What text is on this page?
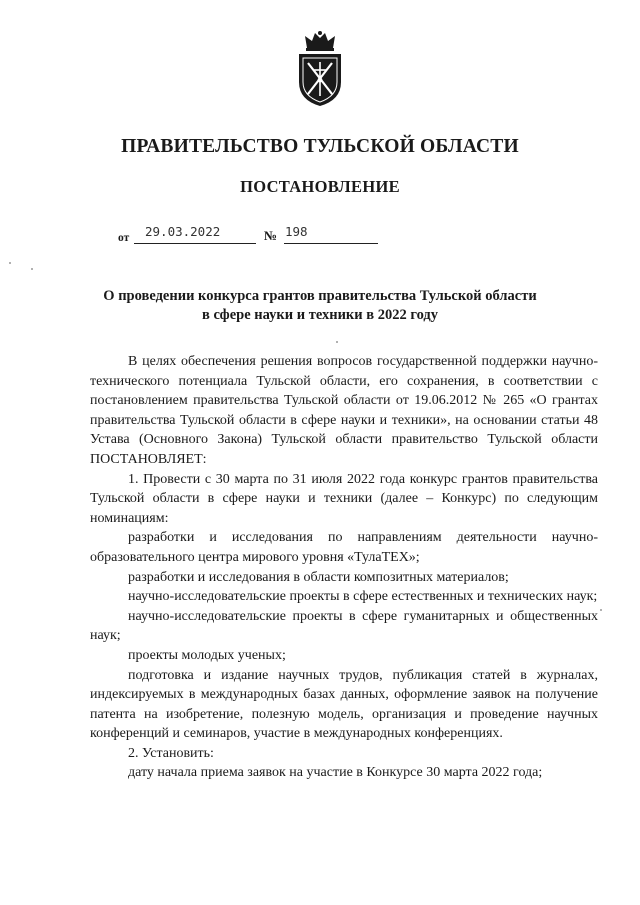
ПРАВИТЕЛЬСТВО ТУЛЬСКОЙ ОБЛАСТИ
ПОСТАНОВЛЕНИЕ
от 29.03.2022	№ 198
О проведении конкурса грантов правительства Тульской области
в сфере науки и техники в 2022 году

В целях обеспечения решения вопросов государственной поддержки научно-технического потенциала Тульской области, его сохранения, в соответствии с постановлением правительства Тульской области от 19.06.2012 № 265 «О грантах правительства Тульской области в сфере науки и техники», на основании статьи 48 Устава (Основного Закона) Тульской области правительство Тульской области ПОСТАНОВЛЯЕТ:

1. Провести с 30 марта по 31 июля 2022 года конкурс грантов правительства Тульской области в сфере науки и техники (далее – Конкурс) по следующим номинациям:

разработки и исследования по направлениям деятельности научно-образовательного центра мирового уровня «ТулаТЕХ»;

разработки и исследования в области композитных материалов;

научно-исследовательские проекты в сфере естественных и технических наук;

научно-исследовательские проекты в сфере гуманитарных и общественных наук;

проекты молодых ученых;

подготовка и издание научных трудов, публикация статей в журналах, индексируемых в международных базах данных, оформление заявок на получение патента на изобретение, полезную модель, организация и проведение научных конференций и семинаров, участие в международных конференциях.

2. Установить:

дату начала приема заявок на участие в Конкурсе 30 марта 2022 года;
